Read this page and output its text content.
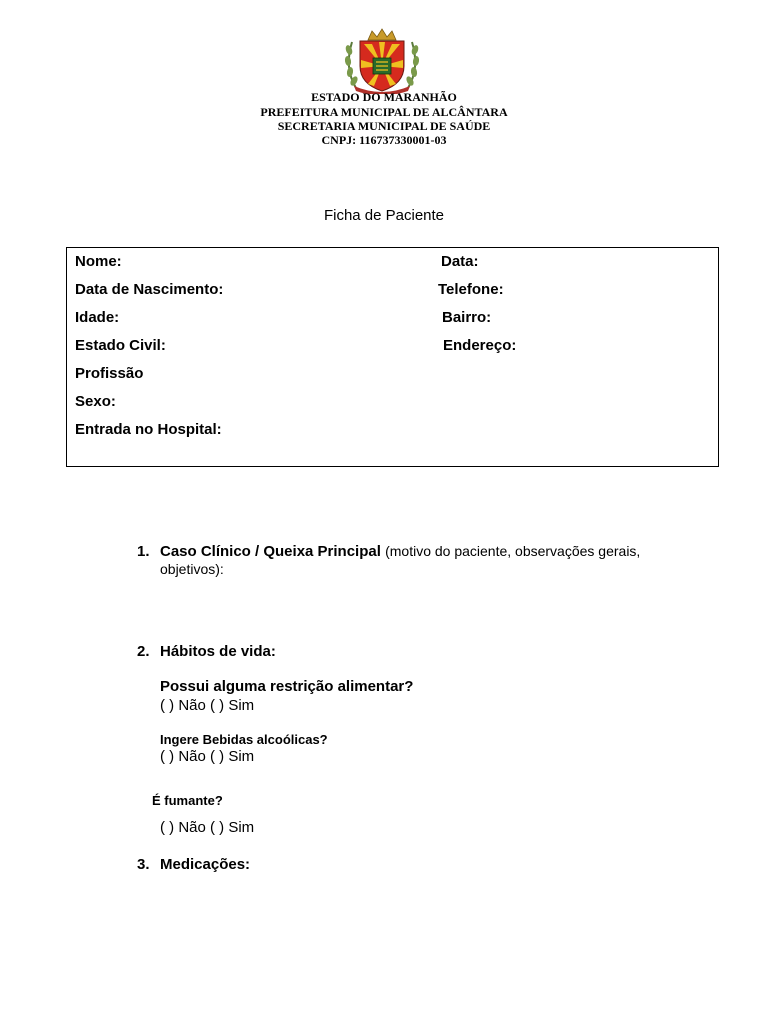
ESTADO DO MARANHÃO
PREFEITURA MUNICIPAL DE ALCÂNTARA
SECRETARIA MUNICIPAL DE SAÚDE
CNPJ: 116737330001-03
Ficha de Paciente
Nome:
Data de Nascimento:
Idade:
Estado Civil:
Profissão
Sexo:
Entrada no Hospital:
Data:
Telefone:
Bairro:
Endereço:
1. Caso Clínico / Queixa Principal (motivo do paciente, observações gerais,
objetivos):
2. Hábitos de vida:
Possui alguma restrição alimentar?
( ) Não ( ) Sim
Ingere Bebidas alcoólicas?
( ) Não ( ) Sim
É fumante?
( ) Não ( ) Sim
3. Medicações:
